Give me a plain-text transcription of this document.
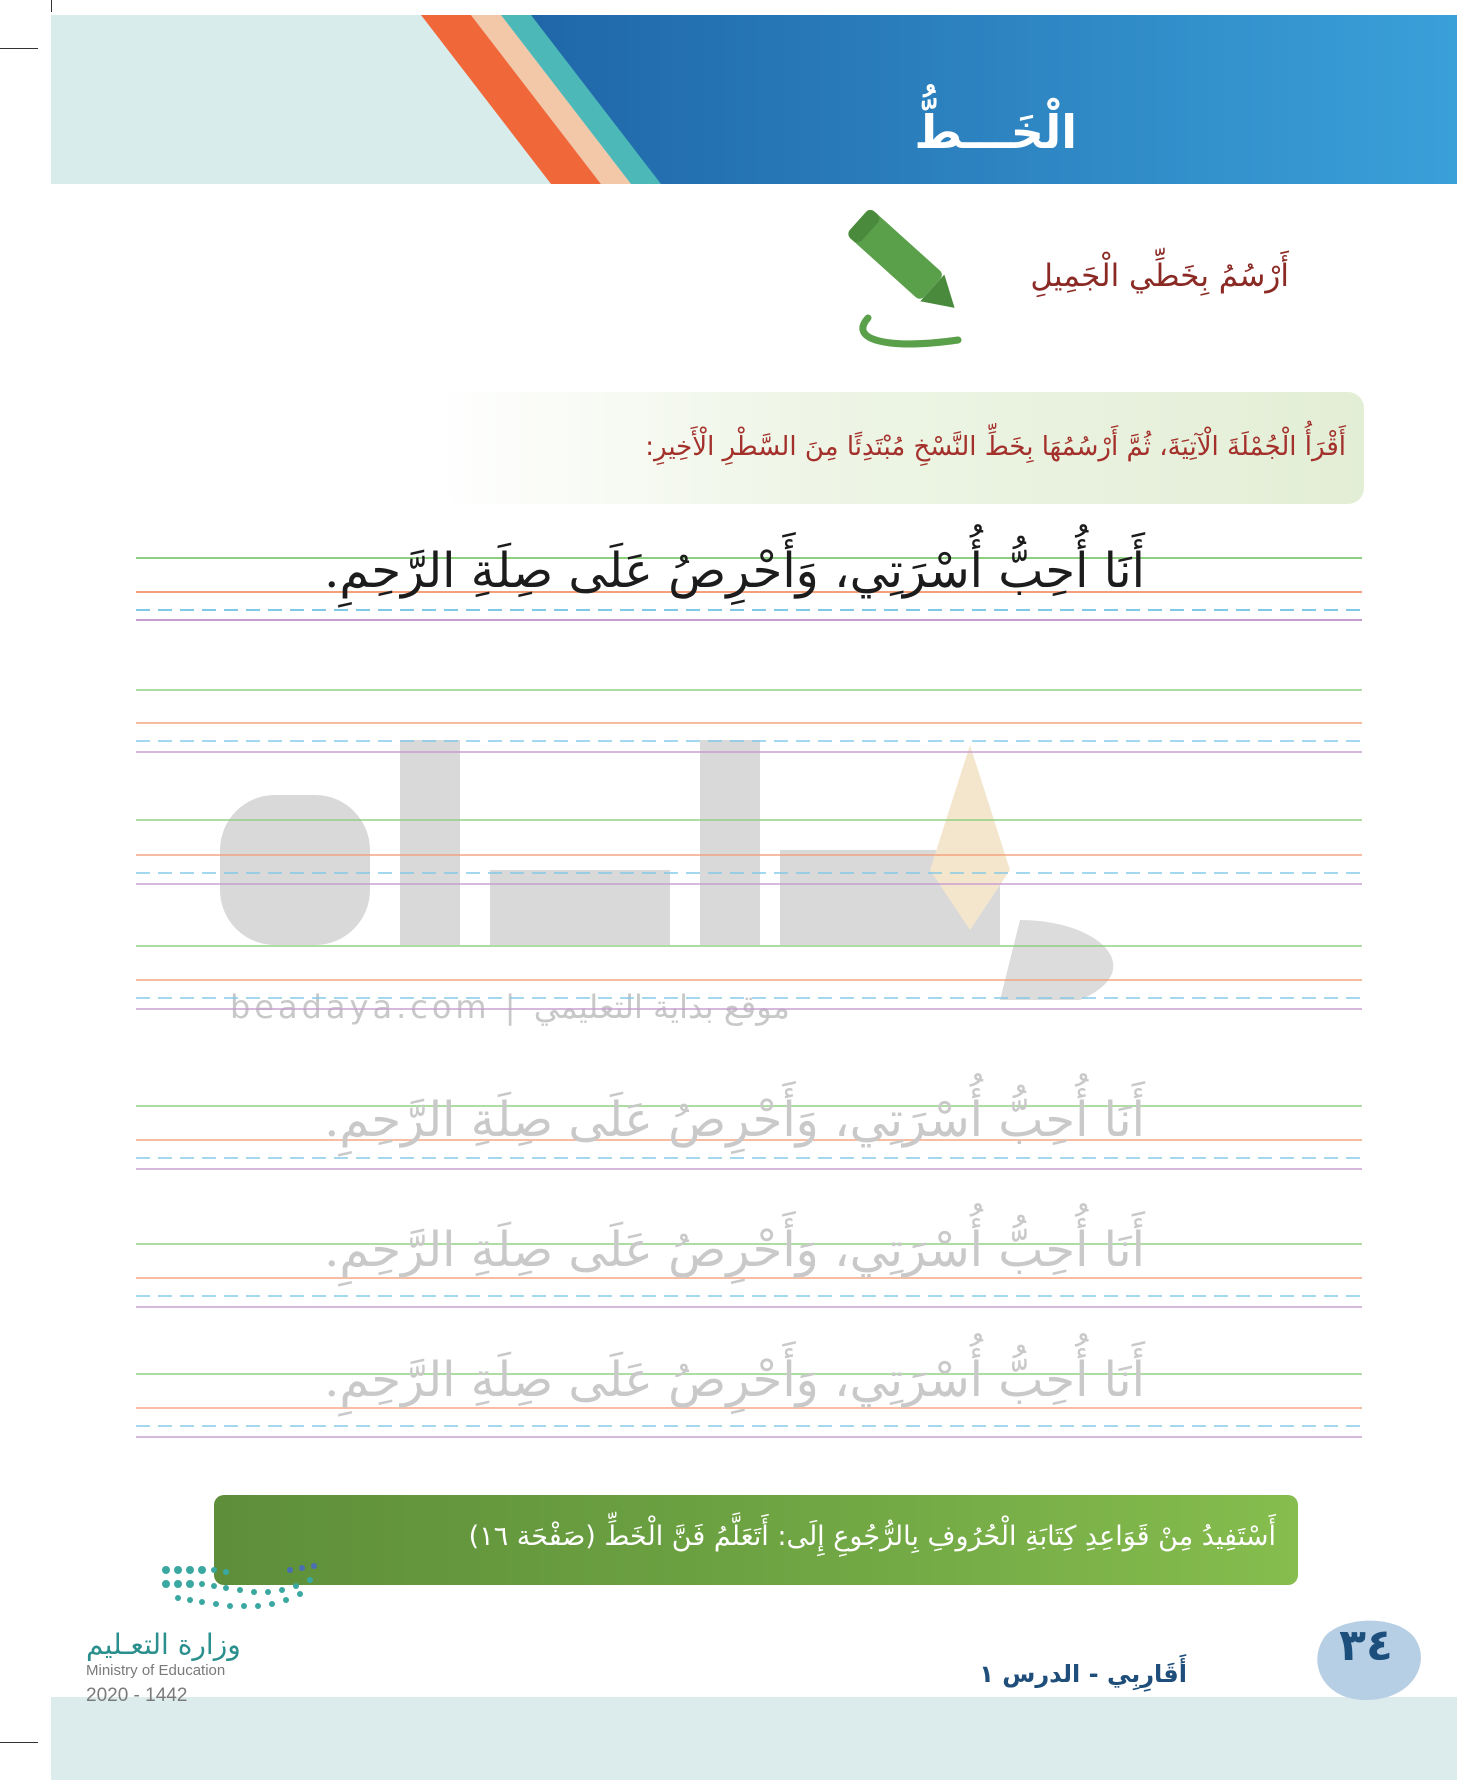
الْخَـــطُّ
أَرْسُمُ بِخَطِّي الْجَمِيلِ
أَقْرَأُ الْجُمْلَةَ الْآتِيَةَ، ثُمَّ أَرْسُمُهَا بِخَطِّ النَّسْخِ مُبْتَدِئًا مِنَ السَّطْرِ الْأَخِيرِ:
beadaya.com | موقع بداية التعليمي
أَنَا أُحِبُّ أُسْرَتِي، وَأَحْرِصُ عَلَى صِلَةِ الرَّحِمِ.
أَنَا أُحِبُّ أُسْرَتِي، وَأَحْرِصُ عَلَى صِلَةِ الرَّحِمِ.
أَنَا أُحِبُّ أُسْرَتِي، وَأَحْرِصُ عَلَى صِلَةِ الرَّحِمِ.
أَنَا أُحِبُّ أُسْرَتِي، وَأَحْرِصُ عَلَى صِلَةِ الرَّحِمِ.
أَسْتَفِيدُ مِنْ قَوَاعِدِ كِتَابَةِ الْحُرُوفِ بِالرُّجُوعِ إِلَى: أَتَعَلَّمُ فَنَّ الْخَطِّ (صَفْحَة ١٦)
وزارة التعـليم
Ministry of Education
2020 - 1442
أَقَارِبِي - الدرس ١
٣٤
